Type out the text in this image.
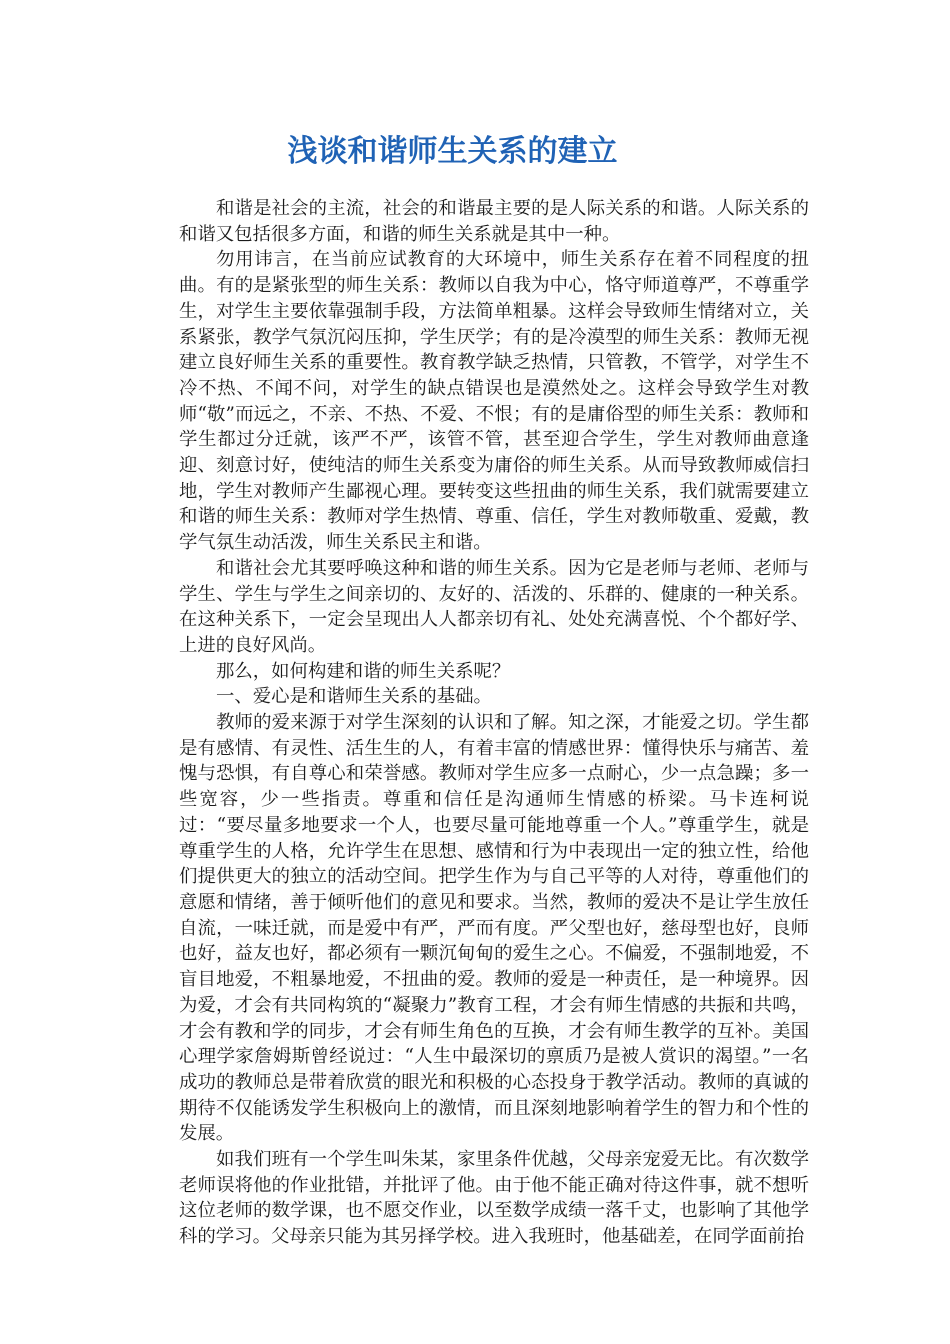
浅谈和谐师生关系的建立

和谐是社会的主流，社会的和谐最主要的是人际关系的和谐。人际关系的和谐又包括很多方面，和谐的师生关系就是其中一种。

勿用讳言，在当前应试教育的大环境中，师生关系存在着不同程度的扭曲。有的是紧张型的师生关系：教师以自我为中心，恪守师道尊严，不尊重学生，对学生主要依靠强制手段，方法简单粗暴。这样会导致师生情绪对立，关系紧张，教学气氛沉闷压抑，学生厌学；有的是冷漠型的师生关系：教师无视建立良好师生关系的重要性。教育教学缺乏热情，只管教，不管学，对学生不冷不热、不闻不问，对学生的缺点错误也是漠然处之。这样会导致学生对教师“敬”而远之，不亲、不热、不爱、不恨；有的是庸俗型的师生关系：教师和学生都过分迁就，该严不严，该管不管，甚至迎合学生，学生对教师曲意逢迎、刻意讨好，使纯洁的师生关系变为庸俗的师生关系。从而导致教师威信扫地，学生对教师产生鄙视心理。要转变这些扭曲的师生关系，我们就需要建立和谐的师生关系：教师对学生热情、尊重、信任，学生对教师敬重、爱戴，教学气氛生动活泼，师生关系民主和谐。

和谐社会尤其要呼唤这种和谐的师生关系。因为它是老师与老师、老师与学生、学生与学生之间亲切的、友好的、活泼的、乐群的、健康的一种关系。在这种关系下，一定会呈现出人人都亲切有礼、处处充满喜悦、个个都好学、上进的良好风尚。

那么，如何构建和谐的师生关系呢？

一、爱心是和谐师生关系的基础。

教师的爱来源于对学生深刻的认识和了解。知之深，才能爱之切。学生都是有感情、有灵性、活生生的人，有着丰富的情感世界：懂得快乐与痛苦、羞愧与恐惧，有自尊心和荣誉感。教师对学生应多一点耐心，少一点急躁；多一些宽容，少一些指责。尊重和信任是沟通师生情感的桥梁。马卡连柯说过：“要尽量多地要求一个人，也要尽量可能地尊重一个人。”尊重学生，就是尊重学生的人格，允许学生在思想、感情和行为中表现出一定的独立性，给他们提供更大的独立的活动空间。把学生作为与自己平等的人对待，尊重他们的意愿和情绪，善于倾听他们的意见和要求。当然，教师的爱决不是让学生放任自流，一味迁就，而是爱中有严，严而有度。严父型也好，慈母型也好，良师也好，益友也好，都必须有一颗沉甸甸的爱生之心。不偏爱，不强制地爱，不盲目地爱，不粗暴地爱，不扭曲的爱。教师的爱是一种责任，是一种境界。因为爱，才会有共同构筑的“凝聚力”教育工程，才会有师生情感的共振和共鸣，才会有教和学的同步，才会有师生角色的互换，才会有师生教学的互补。美国心理学家詹姆斯曾经说过：“人生中最深切的禀质乃是被人赏识的渴望。”一名成功的教师总是带着欣赏的眼光和积极的心态投身于教学活动。教师的真诚的期待不仅能诱发学生积极向上的激情，而且深刻地影响着学生的智力和个性的发展。

如我们班有一个学生叫朱某，家里条件优越，父母亲宠爱无比。有次数学老师误将他的作业批错，并批评了他。由于他不能正确对待这件事，就不想听这位老师的数学课，也不愿交作业，以至数学成绩一落千丈，也影响了其他学科的学习。父母亲只能为其另择学校。进入我班时，他基础差，在同学面前抬
